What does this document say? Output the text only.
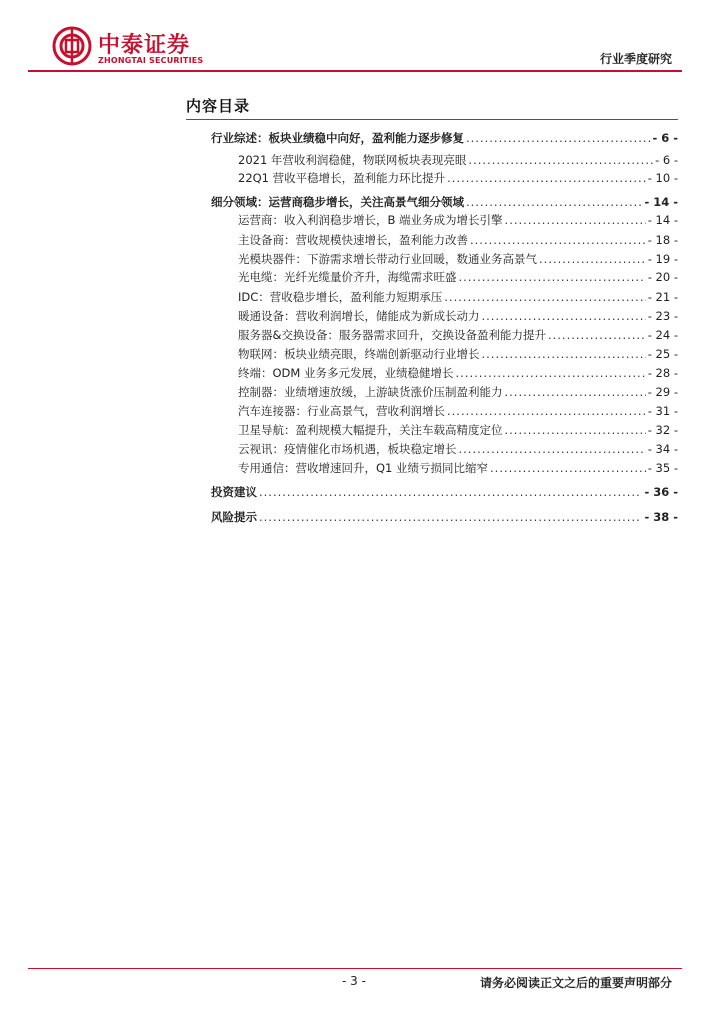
中泰证券
ZHONGTAI SECURITIES	行业季度研究
内容目录
行业综述：板块业绩稳中向好，盈利能力逐步修复 .....	- 6 -
2021 年营收利润稳健，物联网板块表现亮眼 .....	- 6 -
22Q1 营收平稳增长，盈利能力环比提升 .....	- 10 -
细分领域：运营商稳步增长，关注高景气细分领域 .....	- 14 -
运营商：收入利润稳步增长，B 端业务成为增长引擎 .....	- 14 -
主设备商：营收规模快速增长，盈利能力改善 .....	- 18 -
光模块器件：下游需求增长带动行业回暖，数通业务高景气 .....	- 19 -
光电缆：光纤光缆量价齐升，海缆需求旺盛 .....	- 20 -
IDC：营收稳步增长，盈利能力短期承压 .....	- 21 -
暖通设备：营收利润增长，储能成为新成长动力 .....	- 23 -
服务器&交换设备：服务器需求回升，交换设备盈利能力提升 .....	- 24 -
物联网：板块业绩亮眼，终端创新驱动行业增长 .....	- 25 -
终端：ODM 业务多元发展，业绩稳健增长 .....	- 28 -
控制器：业绩增速放缓，上游缺货涨价压制盈利能力 .....	- 29 -
汽车连接器：行业高景气，营收利润增长 .....	- 31 -
卫星导航：盈利规模大幅提升，关注车载高精度定位 .....	- 32 -
云视讯：疫情催化市场机遇，板块稳定增长 .....	- 34 -
专用通信：营收增速回升，Q1 业绩亏损同比缩窄 .....	- 35 -
投资建议 .....	- 36 -
风险提示 .....	- 38 -
- 3 -	请务必阅读正文之后的重要声明部分
